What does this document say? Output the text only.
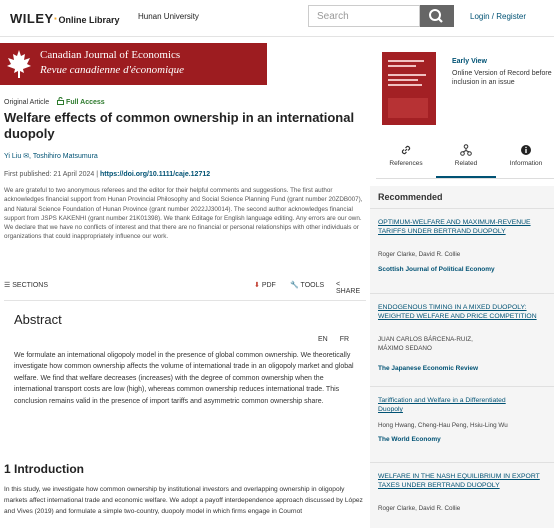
WILEY·Online Library Hunan University	Search	Login / Register
Canadian Journal of Economics
Revue canadienne d'économique
Original Article Full Access
Welfare effects of common ownership in an international duopoly
Yi Liu ✉, Toshihiro Matsumura
First published: 21 April 2024 | https://doi.org/10.1111/caje.12712
We are grateful to two anonymous referees and the editor for their helpful comments and suggestions. The first author acknowledges financial support from Hunan Provincial Philosophy and Social Science Planning Fund (grant number 20ZDB007), and Natural Science Foundation of Hunan Province (grant number 2022JJ30014). The second author acknowledges financial support from JSPS KAKENHI (grant number 21K01398). We thank Editage for English language editing. Any errors are our own. We declare that we have no conflicts of interest and that there are no financial or personal relationships with other individuals or organizations that could inappropriately influence our work.
☰ SECTIONS	⬇ PDF 🔧 TOOLS < SHARE
Abstract
EN FR
We formulate an international oligopoly model in the presence of global common ownership. We theoretically investigate how common ownership affects the volume of international trade in an oligopoly market and global welfare. We find that welfare decreases (increases) with the degree of common ownership when the international transport costs are low (high), whereas common ownership reduces international trade. This conclusion remains valid in the presence of import tariffs and asymmetric common ownership share.
1 Introduction
In this study, we investigate how common ownership by institutional investors and overlapping ownership in oligopoly markets affect international trade and economic welfare. We adopt a payoff interdependence approach discussed by López and Vives (2019) and formulate a simple two-country, duopoly model in which firms engage in Cournot
Early View
Online Version of Record before inclusion in an issue
References	Related	Information
Recommended
OPTIMUM‐WELFARE AND MAXIMUM‐REVENUE TARIFFS UNDER BERTRAND DUOPOLY
Roger Clarke, David R. Collie
Scottish Journal of Political Economy
ENDOGENOUS TIMING IN A MIXED DUOPOLY: WEIGHTED WELFARE AND PRICE COMPETITION
JUAN CARLOS BÁRCENA‐RUIZ, MÁXIMO SEDANO
The Japanese Economic Review
Tariffication and Welfare in a Differentiated Duopoly
Hong Hwang, Cheng‐Hau Peng, Hsiu‐Ling Wu
The World Economy
WELFARE IN THE NASH EQUILIBRIUM IN EXPORT TAXES UNDER BERTRAND DUOPOLY
Roger Clarke, David R. Collie
